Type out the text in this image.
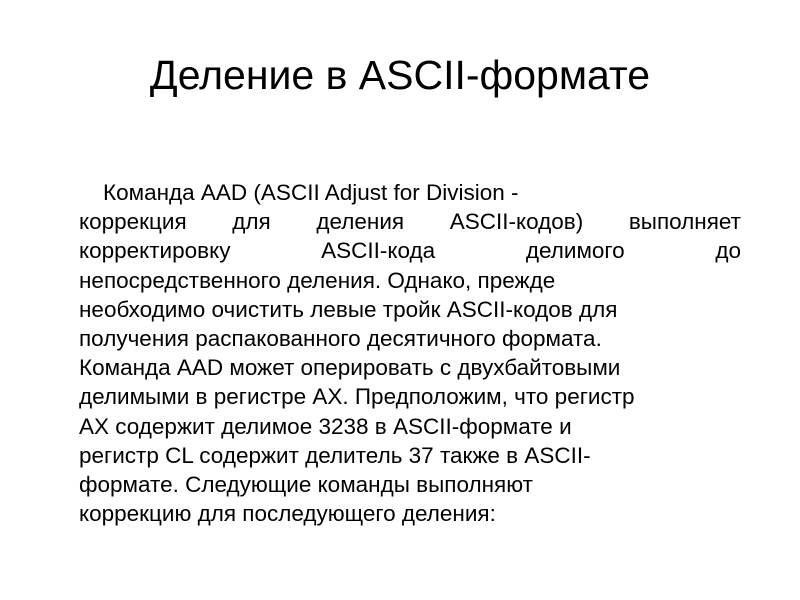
Деление в ASCII-формате
Команда AAD (ASCII Adjust for Division -
коррекция для деления ASCII-кодов) выполняет
корректировку ASCII-кода делимого до
непосредственного деления. Однако, прежде
необходимо очистить левые тройк ASCII-кодов для
получения распакованного десятичного формата.
Команда AAD может оперировать с двухбайтовыми
делимыми в регистре AX. Предположим, что регистр
AX содержит делимое 3238 в ASCII-формате и
регистр CL содержит делитель 37 также в ASCII-
формате. Следующие команды выполняют
коррекцию для последующего деления:
